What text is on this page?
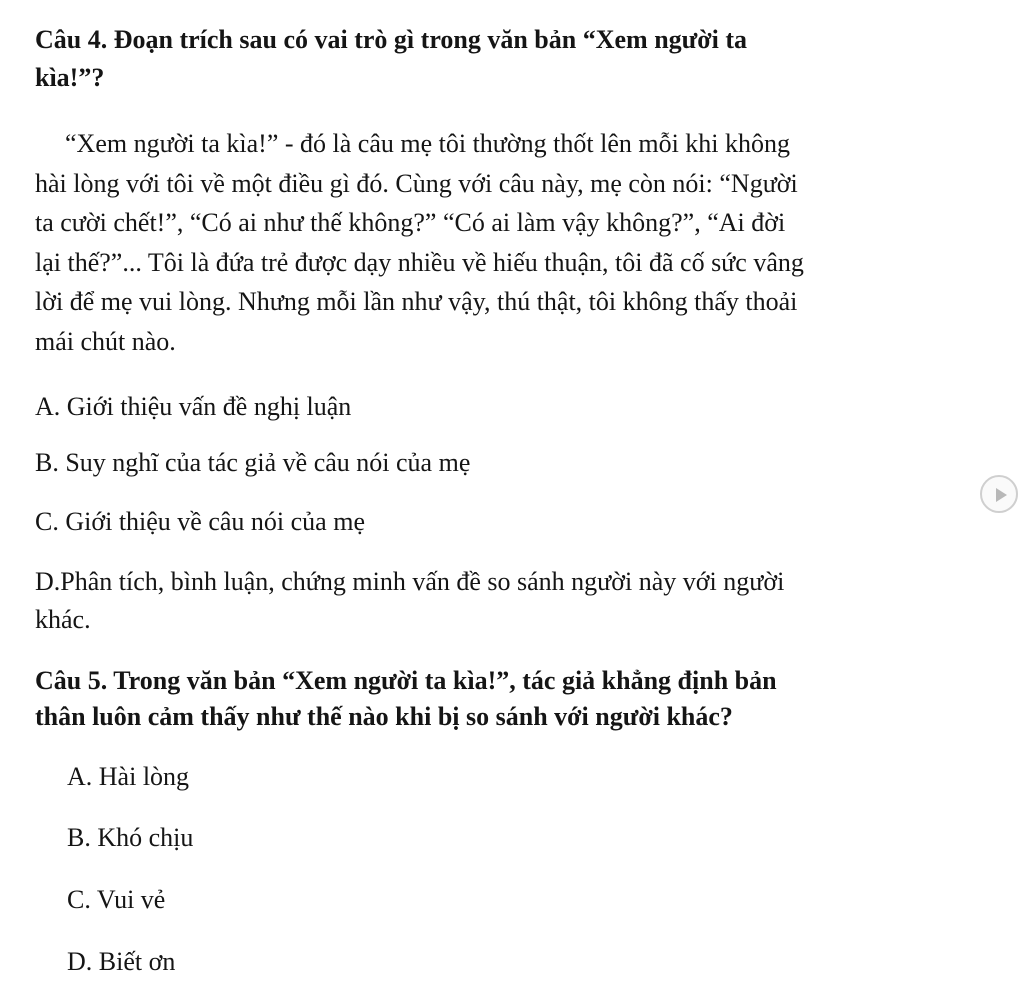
Câu 4. Đoạn trích sau có vai trò gì trong văn bản “Xem người ta
kìa!”?
“Xem người ta kìa!” - đó là câu mẹ tôi thường thốt lên mỗi khi không
hài lòng với tôi về một điều gì đó. Cùng với câu này, mẹ còn nói: “Người
ta cười chết!”, “Có ai như thế không?” “Có ai làm vậy không?”, “Ai đời
lại thế?”... Tôi là đứa trẻ được dạy nhiều về hiếu thuận, tôi đã cố sức vâng
lời để mẹ vui lòng. Nhưng mỗi lần như vậy, thú thật, tôi không thấy thoải
mái chút nào.
A. Giới thiệu vấn đề nghị luận
B. Suy nghĩ của tác giả về câu nói của mẹ
C. Giới thiệu về câu nói của mẹ
D.Phân tích, bình luận, chứng minh vấn đề so sánh người này với người
khác.
Câu 5. Trong văn bản “Xem người ta kìa!”, tác giả khẳng định bản
thân luôn cảm thấy như thế nào khi bị so sánh với người khác?
A. Hài lòng
B. Khó chịu
C. Vui vẻ
D. Biết ơn
